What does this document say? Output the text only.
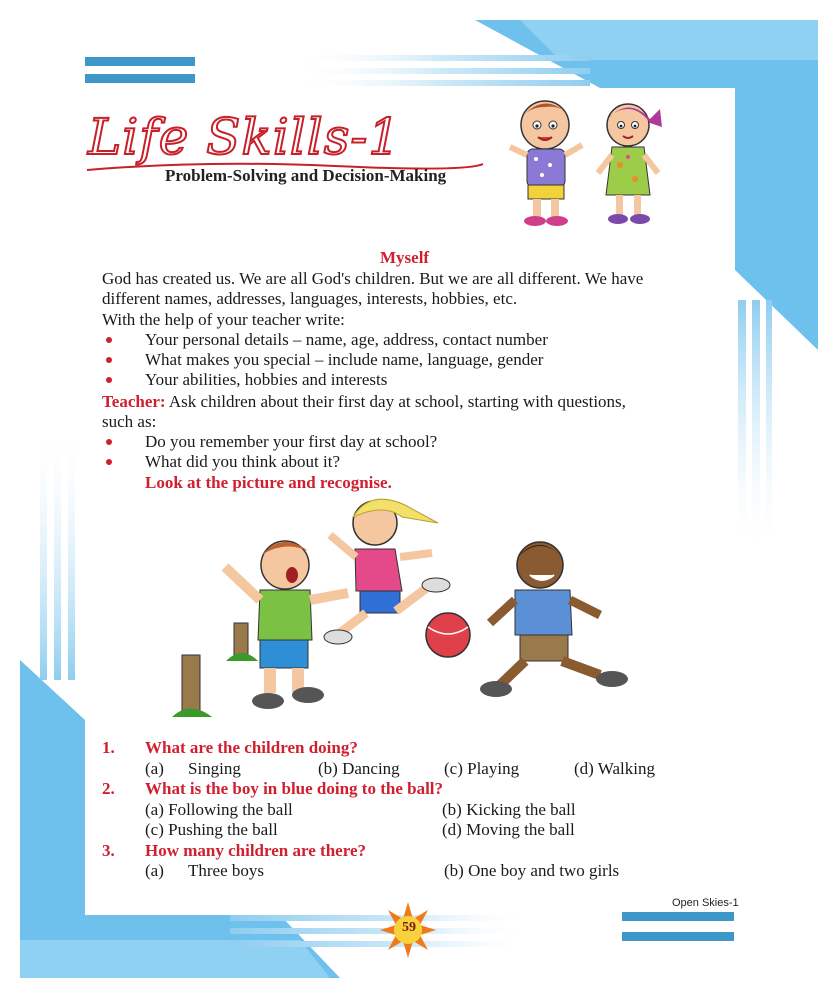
Life Skills-1
Problem-Solving and Decision-Making
Myself
God has created us. We are all God's children. But we are all different. We have
different names, addresses, languages, interests, hobbies, etc.
With the help of your teacher write:
Your personal details – name, age, address, contact number
What makes you special – include name, language, gender
Your abilities, hobbies and interests
Teacher: Ask children about their first day at school, starting with questions,
such as:
Do you remember your first day at school?
What did you think about it?
Look at the picture and recognise.
1. What are the children doing?
(a) Singing	(b) Dancing	(c) Playing	(d) Walking
2. What is the boy in blue doing to the ball?
(a) Following the ball	(b) Kicking the ball
(c) Pushing the ball	(d) Moving the ball
3. How many children are there?
(a) Three boys	(b) One boy and two girls
Open Skies-1
59
